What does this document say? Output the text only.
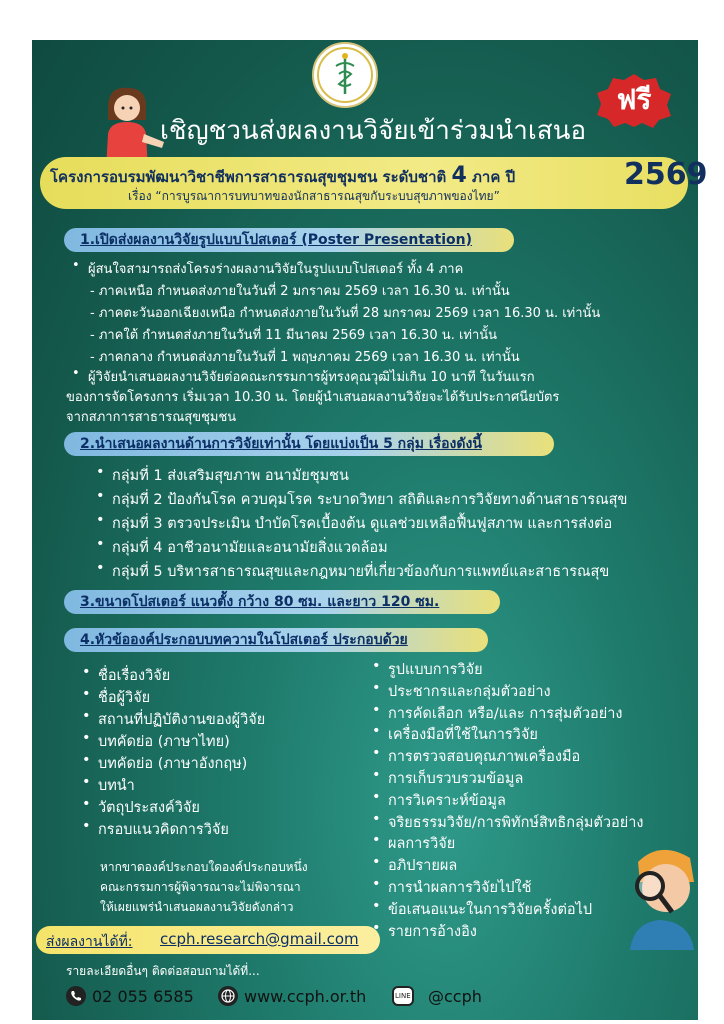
ฟรี
เชิญชวนส่งผลงานวิจัยเข้าร่วมนำเสนอ
โครงการอบรมพัฒนาวิชาชีพการสาธารณสุขชุมชน ระดับชาติ 4 ภาค ปี	2569
เรื่อง “การบูรณาการบทบาทของนักสาธารณสุขกับระบบสุขภาพของไทย”
1.เปิดส่งผลงานวิจัยรูปแบบโปสเตอร์ (Poster Presentation)
• ผู้สนใจสามารถส่งโครงร่างผลงานวิจัยในรูปแบบโปสเตอร์ ทั้ง 4 ภาค
- ภาคเหนือ กำหนดส่งภายในวันที่ 2 มกราคม 2569 เวลา 16.30 น. เท่านั้น
- ภาคตะวันออกเฉียงเหนือ กำหนดส่งภายในวันที่ 28 มกราคม 2569 เวลา 16.30 น. เท่านั้น
- ภาคใต้ กำหนดส่งภายในวันที่ 11 มีนาคม 2569 เวลา 16.30 น. เท่านั้น
- ภาคกลาง กำหนดส่งภายในวันที่ 1 พฤษภาคม 2569 เวลา 16.30 น. เท่านั้น
• ผู้วิจัยนำเสนอผลงานวิจัยต่อคณะกรรมการผู้ทรงคุณวุฒิไม่เกิน 10 นาที ในวันแรก
ของการจัดโครงการ เริ่มเวลา 10.30 น. โดยผู้นำเสนอผลงานวิจัยจะได้รับประกาศนียบัตร
จากสภาการสาธารณสุขชุมชน
2.นำเสนอผลงานด้านการวิจัยเท่านั้น โดยแบ่งเป็น 5 กลุ่ม เรื่องดังนี้
• กลุ่มที่ 1 ส่งเสริมสุขภาพ อนามัยชุมชน
• กลุ่มที่ 2 ป้องกันโรค ควบคุมโรค ระบาดวิทยา สถิติและการวิจัยทางด้านสาธารณสุข
• กลุ่มที่ 3 ตรวจประเมิน บำบัดโรคเบื้องต้น ดูแลช่วยเหลือฟื้นฟูสภาพ และการส่งต่อ
• กลุ่มที่ 4 อาชีวอนามัยและอนามัยสิ่งแวดล้อม
• กลุ่มที่ 5 บริหารสาธารณสุขและกฎหมายที่เกี่ยวข้องกับการแพทย์และสาธารณสุข
3.ขนาดโปสเตอร์ แนวตั้ง กว้าง 80 ซม. และยาว 120 ซม.
4.หัวข้อองค์ประกอบบทความในโปสเตอร์ ประกอบด้วย
• ชื่อเรื่องวิจัย
• ชื่อผู้วิจัย
• สถานที่ปฏิบัติงานของผู้วิจัย
• บทคัดย่อ (ภาษาไทย)
• บทคัดย่อ (ภาษาอังกฤษ)
• บทนำ
• วัตถุประสงค์วิจัย
• กรอบแนวคิดการวิจัย
• รูปแบบการวิจัย
• ประชากรและกลุ่มตัวอย่าง
• การคัดเลือก หรือ/และ การสุ่มตัวอย่าง
• เครื่องมือที่ใช้ในการวิจัย
• การตรวจสอบคุณภาพเครื่องมือ
• การเก็บรวบรวมข้อมูล
• การวิเคราะห์ข้อมูล
• จริยธรรมวิจัย/การพิทักษ์สิทธิกลุ่มตัวอย่าง
• ผลการวิจัย
• อภิปรายผล
• การนำผลการวิจัยไปใช้
• ข้อเสนอแนะในการวิจัยครั้งต่อไป
• รายการอ้างอิง
หากขาดองค์ประกอบใดองค์ประกอบหนึ่ง
คณะกรรมการผู้พิจารณาจะไม่พิจารณา
ให้เผยแพร่นำเสนอผลงานวิจัยดังกล่าว
ส่งผลงานได้ที่: ccph.research@gmail.com
รายละเอียดอื่นๆ ติดต่อสอบถามได้ที่...
02 055 6585	www.ccph.or.th	LINE @ccph
